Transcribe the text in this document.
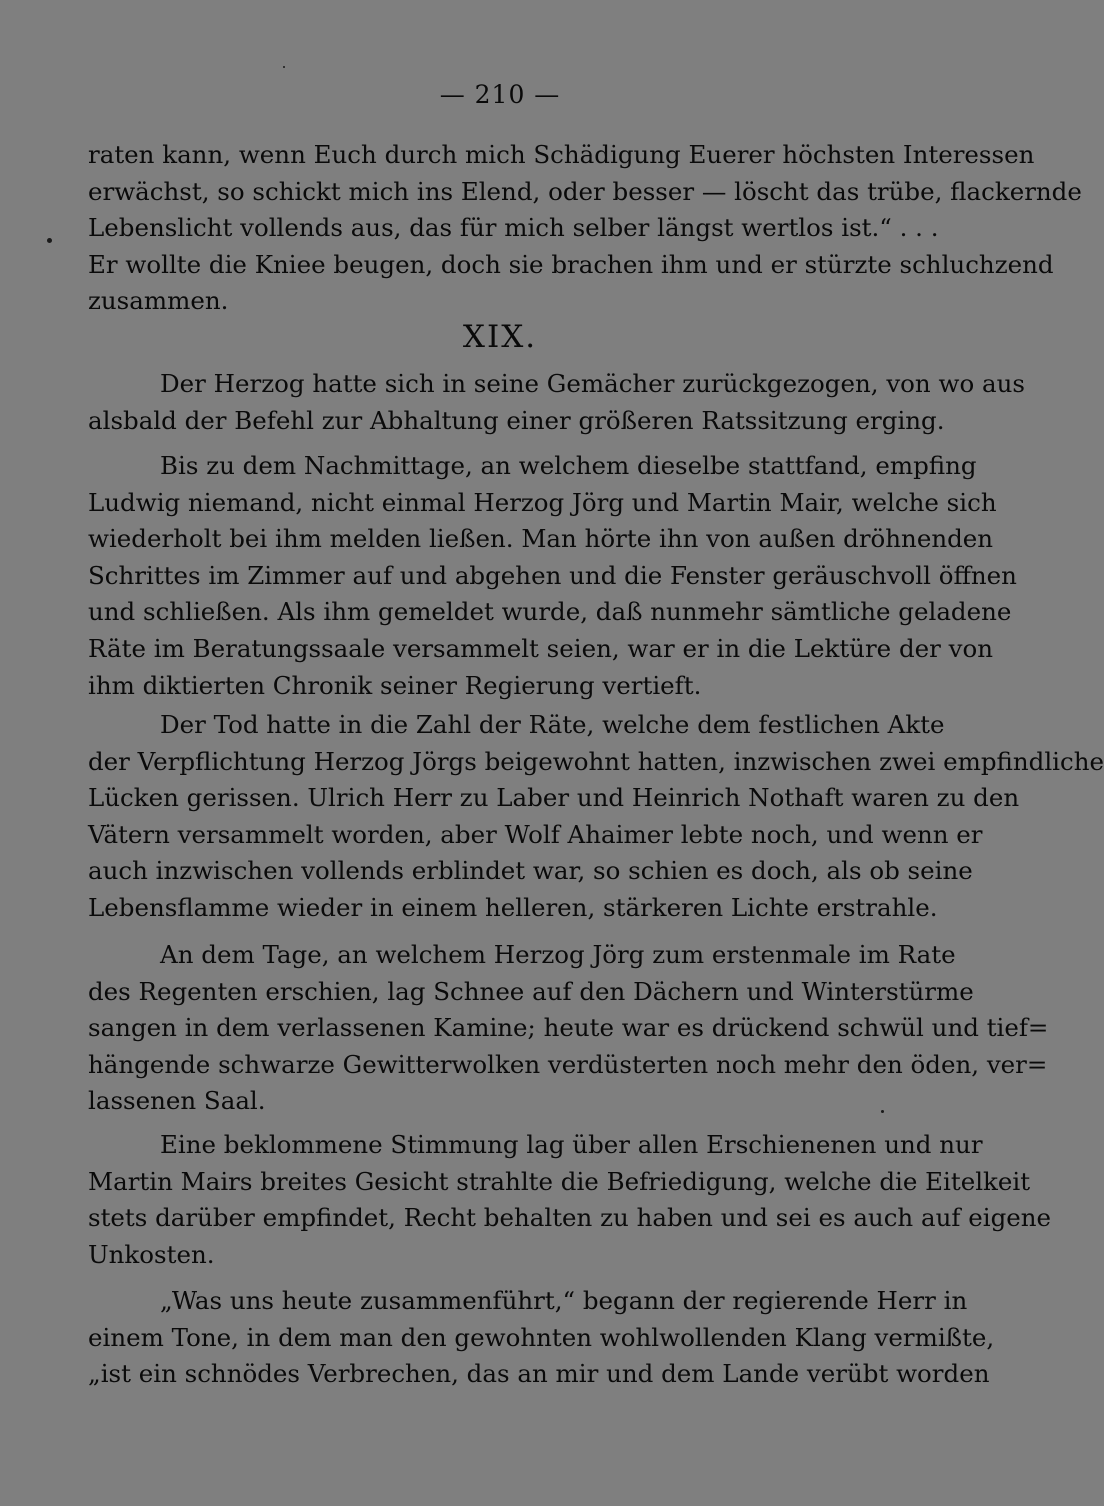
— 210 —
raten kann, wenn Euch durch mich Schädigung Euerer höchsten Interessen
erwächst, so schickt mich ins Elend, oder besser — löscht das trübe, flackernde
Lebenslicht vollends aus, das für mich selber längst wertlos ist.“ . . .
Er wollte die Kniee beugen, doch sie brachen ihm und er stürzte schluchzend
zusammen.
XIX.
Der Herzog hatte sich in seine Gemächer zurückgezogen, von wo aus
alsbald der Befehl zur Abhaltung einer größeren Ratssitzung erging.
Bis zu dem Nachmittage, an welchem dieselbe stattfand, empfing
Ludwig niemand, nicht einmal Herzog Jörg und Martin Mair, welche sich
wiederholt bei ihm melden ließen. Man hörte ihn von außen dröhnenden
Schrittes im Zimmer auf und abgehen und die Fenster geräuschvoll öffnen
und schließen. Als ihm gemeldet wurde, daß nunmehr sämtliche geladene
Räte im Beratungssaale versammelt seien, war er in die Lektüre der von
ihm diktierten Chronik seiner Regierung vertieft.
Der Tod hatte in die Zahl der Räte, welche dem festlichen Akte
der Verpflichtung Herzog Jörgs beigewohnt hatten, inzwischen zwei empfindliche
Lücken gerissen. Ulrich Herr zu Laber und Heinrich Nothaft waren zu den
Vätern versammelt worden, aber Wolf Ahaimer lebte noch, und wenn er
auch inzwischen vollends erblindet war, so schien es doch, als ob seine
Lebensflamme wieder in einem helleren, stärkeren Lichte erstrahle.
An dem Tage, an welchem Herzog Jörg zum erstenmale im Rate
des Regenten erschien, lag Schnee auf den Dächern und Winterstürme
sangen in dem verlassenen Kamine; heute war es drückend schwül und tief=
hängende schwarze Gewitterwolken verdüsterten noch mehr den öden, ver=
lassenen Saal.
Eine beklommene Stimmung lag über allen Erschienenen und nur
Martin Mairs breites Gesicht strahlte die Befriedigung, welche die Eitelkeit
stets darüber empfindet, Recht behalten zu haben und sei es auch auf eigene
Unkosten.
„Was uns heute zusammenführt,“ begann der regierende Herr in
einem Tone, in dem man den gewohnten wohlwollenden Klang vermißte,
„ist ein schnödes Verbrechen, das an mir und dem Lande verübt worden
